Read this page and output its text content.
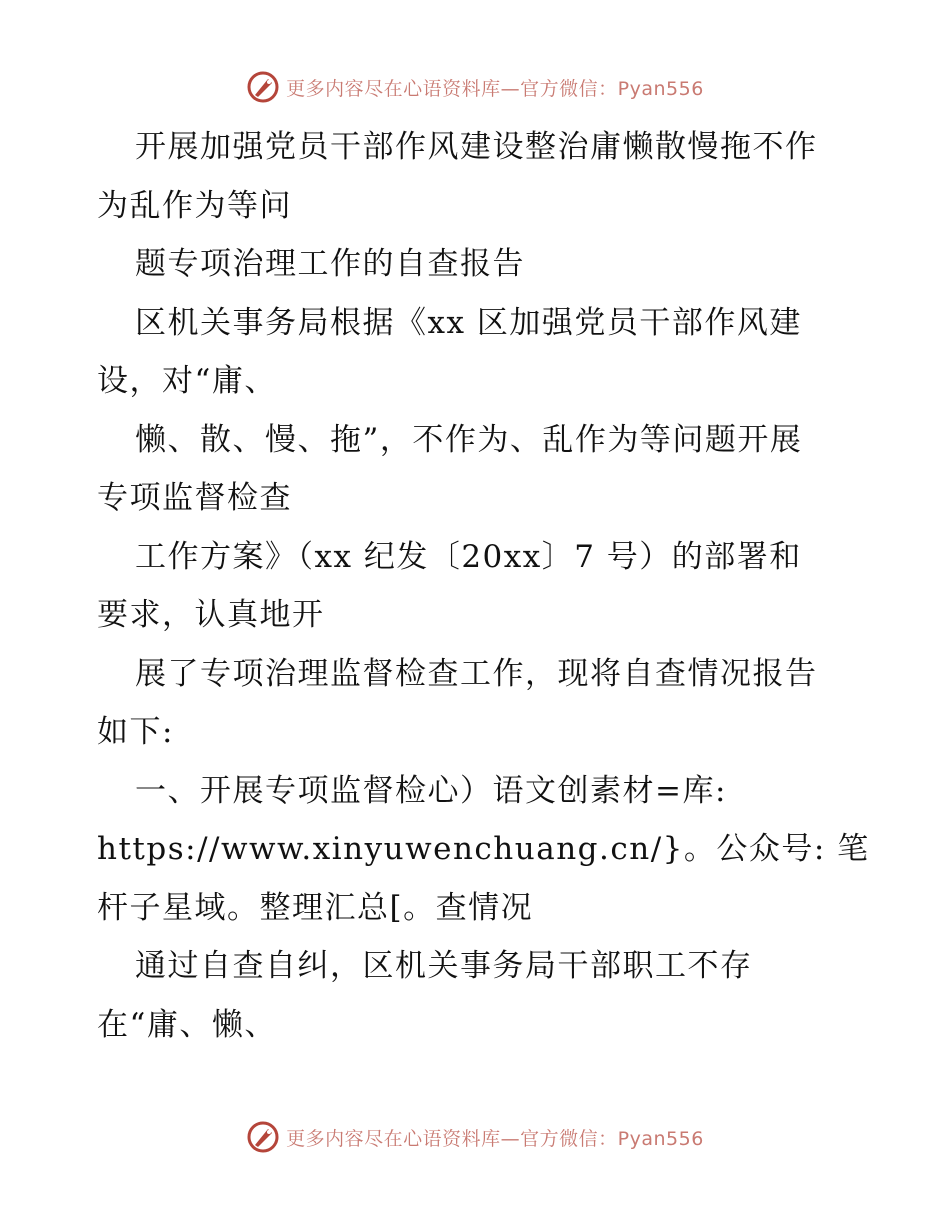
更多内容尽在心语资料库—官方微信：Pyan556
开展加强党员干部作风建设整治庸懒散慢拖不作
为乱作为等问
题专项治理工作的自查报告
区机关事务局根据《xx 区加强党员干部作风建
设，对“庸、
懒、散、慢、拖”，不作为、乱作为等问题开展
专项监督检查
工作方案》（xx 纪发〔20xx〕7 号）的部署和
要求，认真地开
展了专项治理监督检查工作，现将自查情况报告
如下:
一、开展专项监督检心）语文创素材=库:
https://www.xinyuwenchuang.cn/}。公众号: 笔
杆子星域。整理汇总[。查情况
通过自查自纠，区机关事务局干部职工不存
在“庸、懒、
更多内容尽在心语资料库—官方微信：Pyan556
